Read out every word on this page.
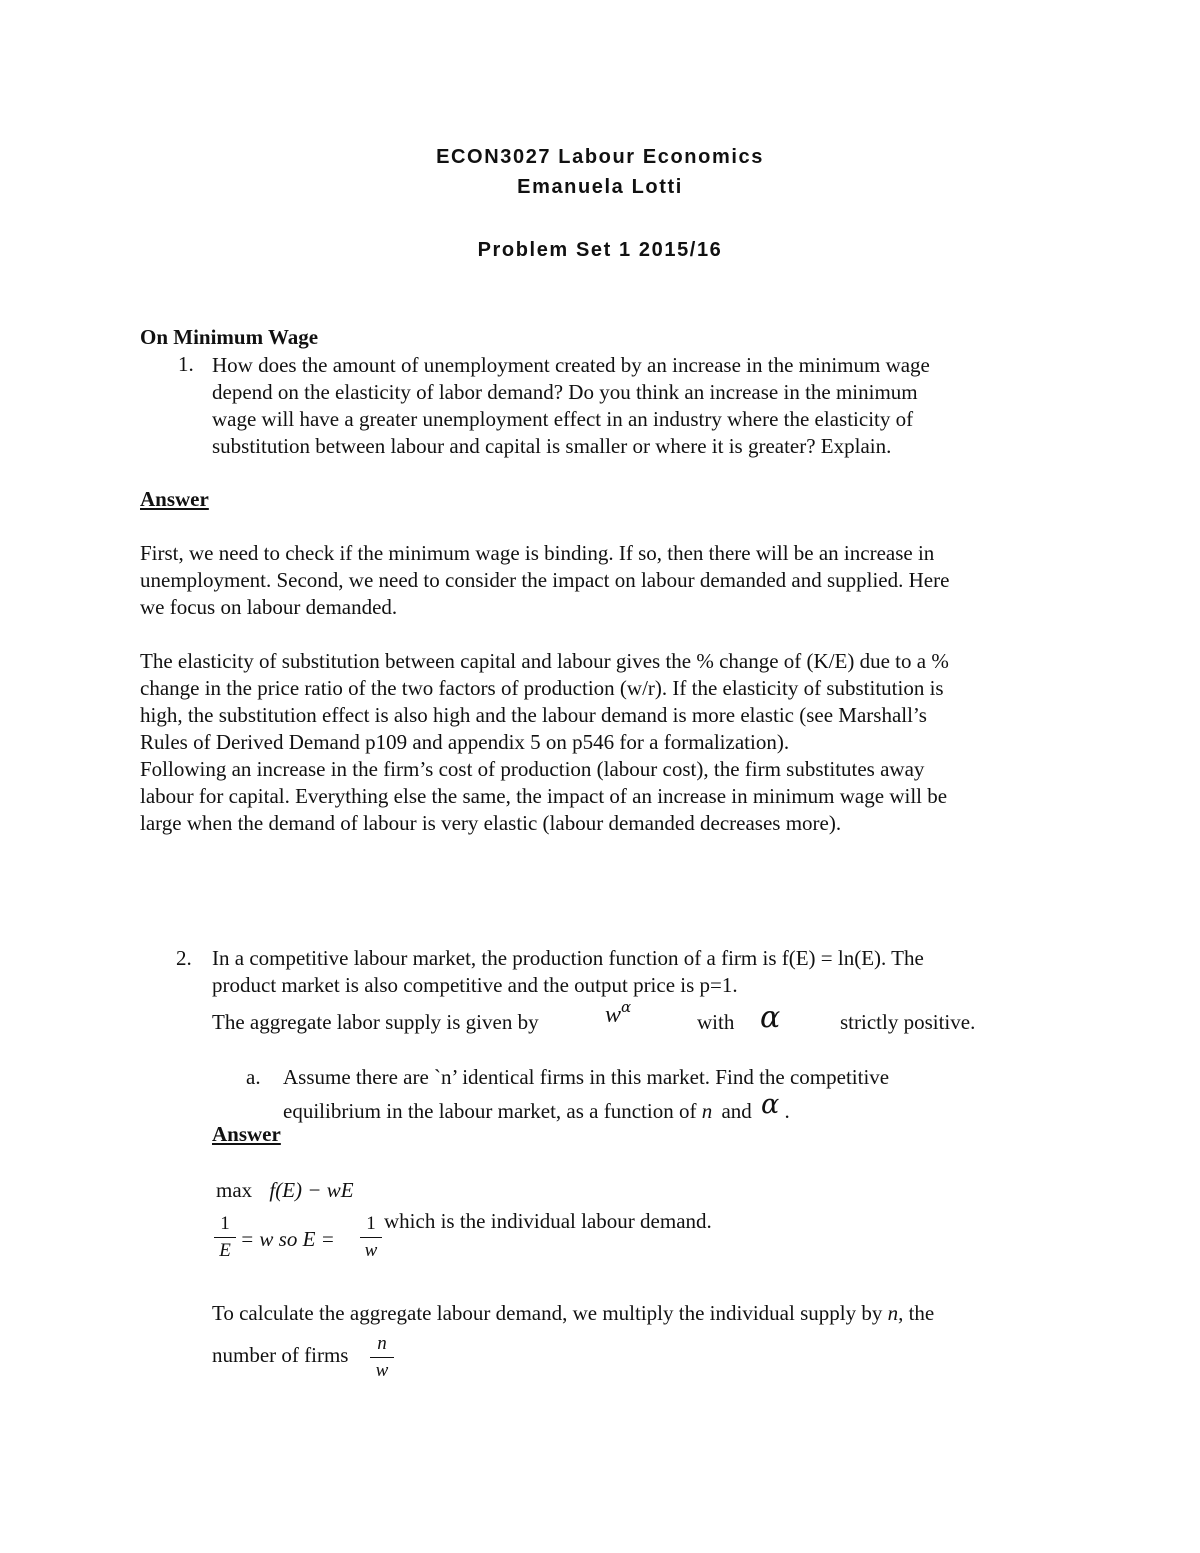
ECON3027 Labour Economics
Emanuela Lotti
Problem Set 1 2015/16
On Minimum Wage
1. How does the amount of unemployment created by an increase in the minimum wage
depend on the elasticity of labor demand? Do you think an increase in the minimum
wage will have a greater unemployment effect in an industry where the elasticity of
substitution between labour and capital is smaller or where it is greater? Explain.
Answer
First, we need to check if the minimum wage is binding. If so, then there will be an increase in
unemployment. Second, we need to consider the impact on labour demanded and supplied. Here
we focus on labour demanded.
The elasticity of substitution between capital and labour gives the % change of (K/E) due to a %
change in the price ratio of the two factors of production (w/r). If the elasticity of substitution is
high, the substitution effect is also high and the labour demand is more elastic (see Marshall’s
Rules of Derived Demand p109 and appendix 5 on p546 for a formalization).
Following an increase in the firm’s cost of production (labour cost), the firm substitutes away
labour for capital. Everything else the same, the impact of an increase in minimum wage will be
large when the demand of labour is very elastic (labour demanded decreases more).
2. In a competitive labour market, the production function of a firm is f(E) = ln(E). The
product market is also competitive and the output price is p=1.
The aggregate labor supply is given by	$w^\alpha$
with α	strictly positive.
a. Assume there are `n’ identical firms in this market. Find the competitive
equilibrium in the labour market, as a function of n and α .
Answer
max f(E) − wE
1
E = w so E =
1
w
which is the individual labour demand.
To calculate the aggregate labour demand, we multiply the individual supply by n, the
number of firms	n
w
